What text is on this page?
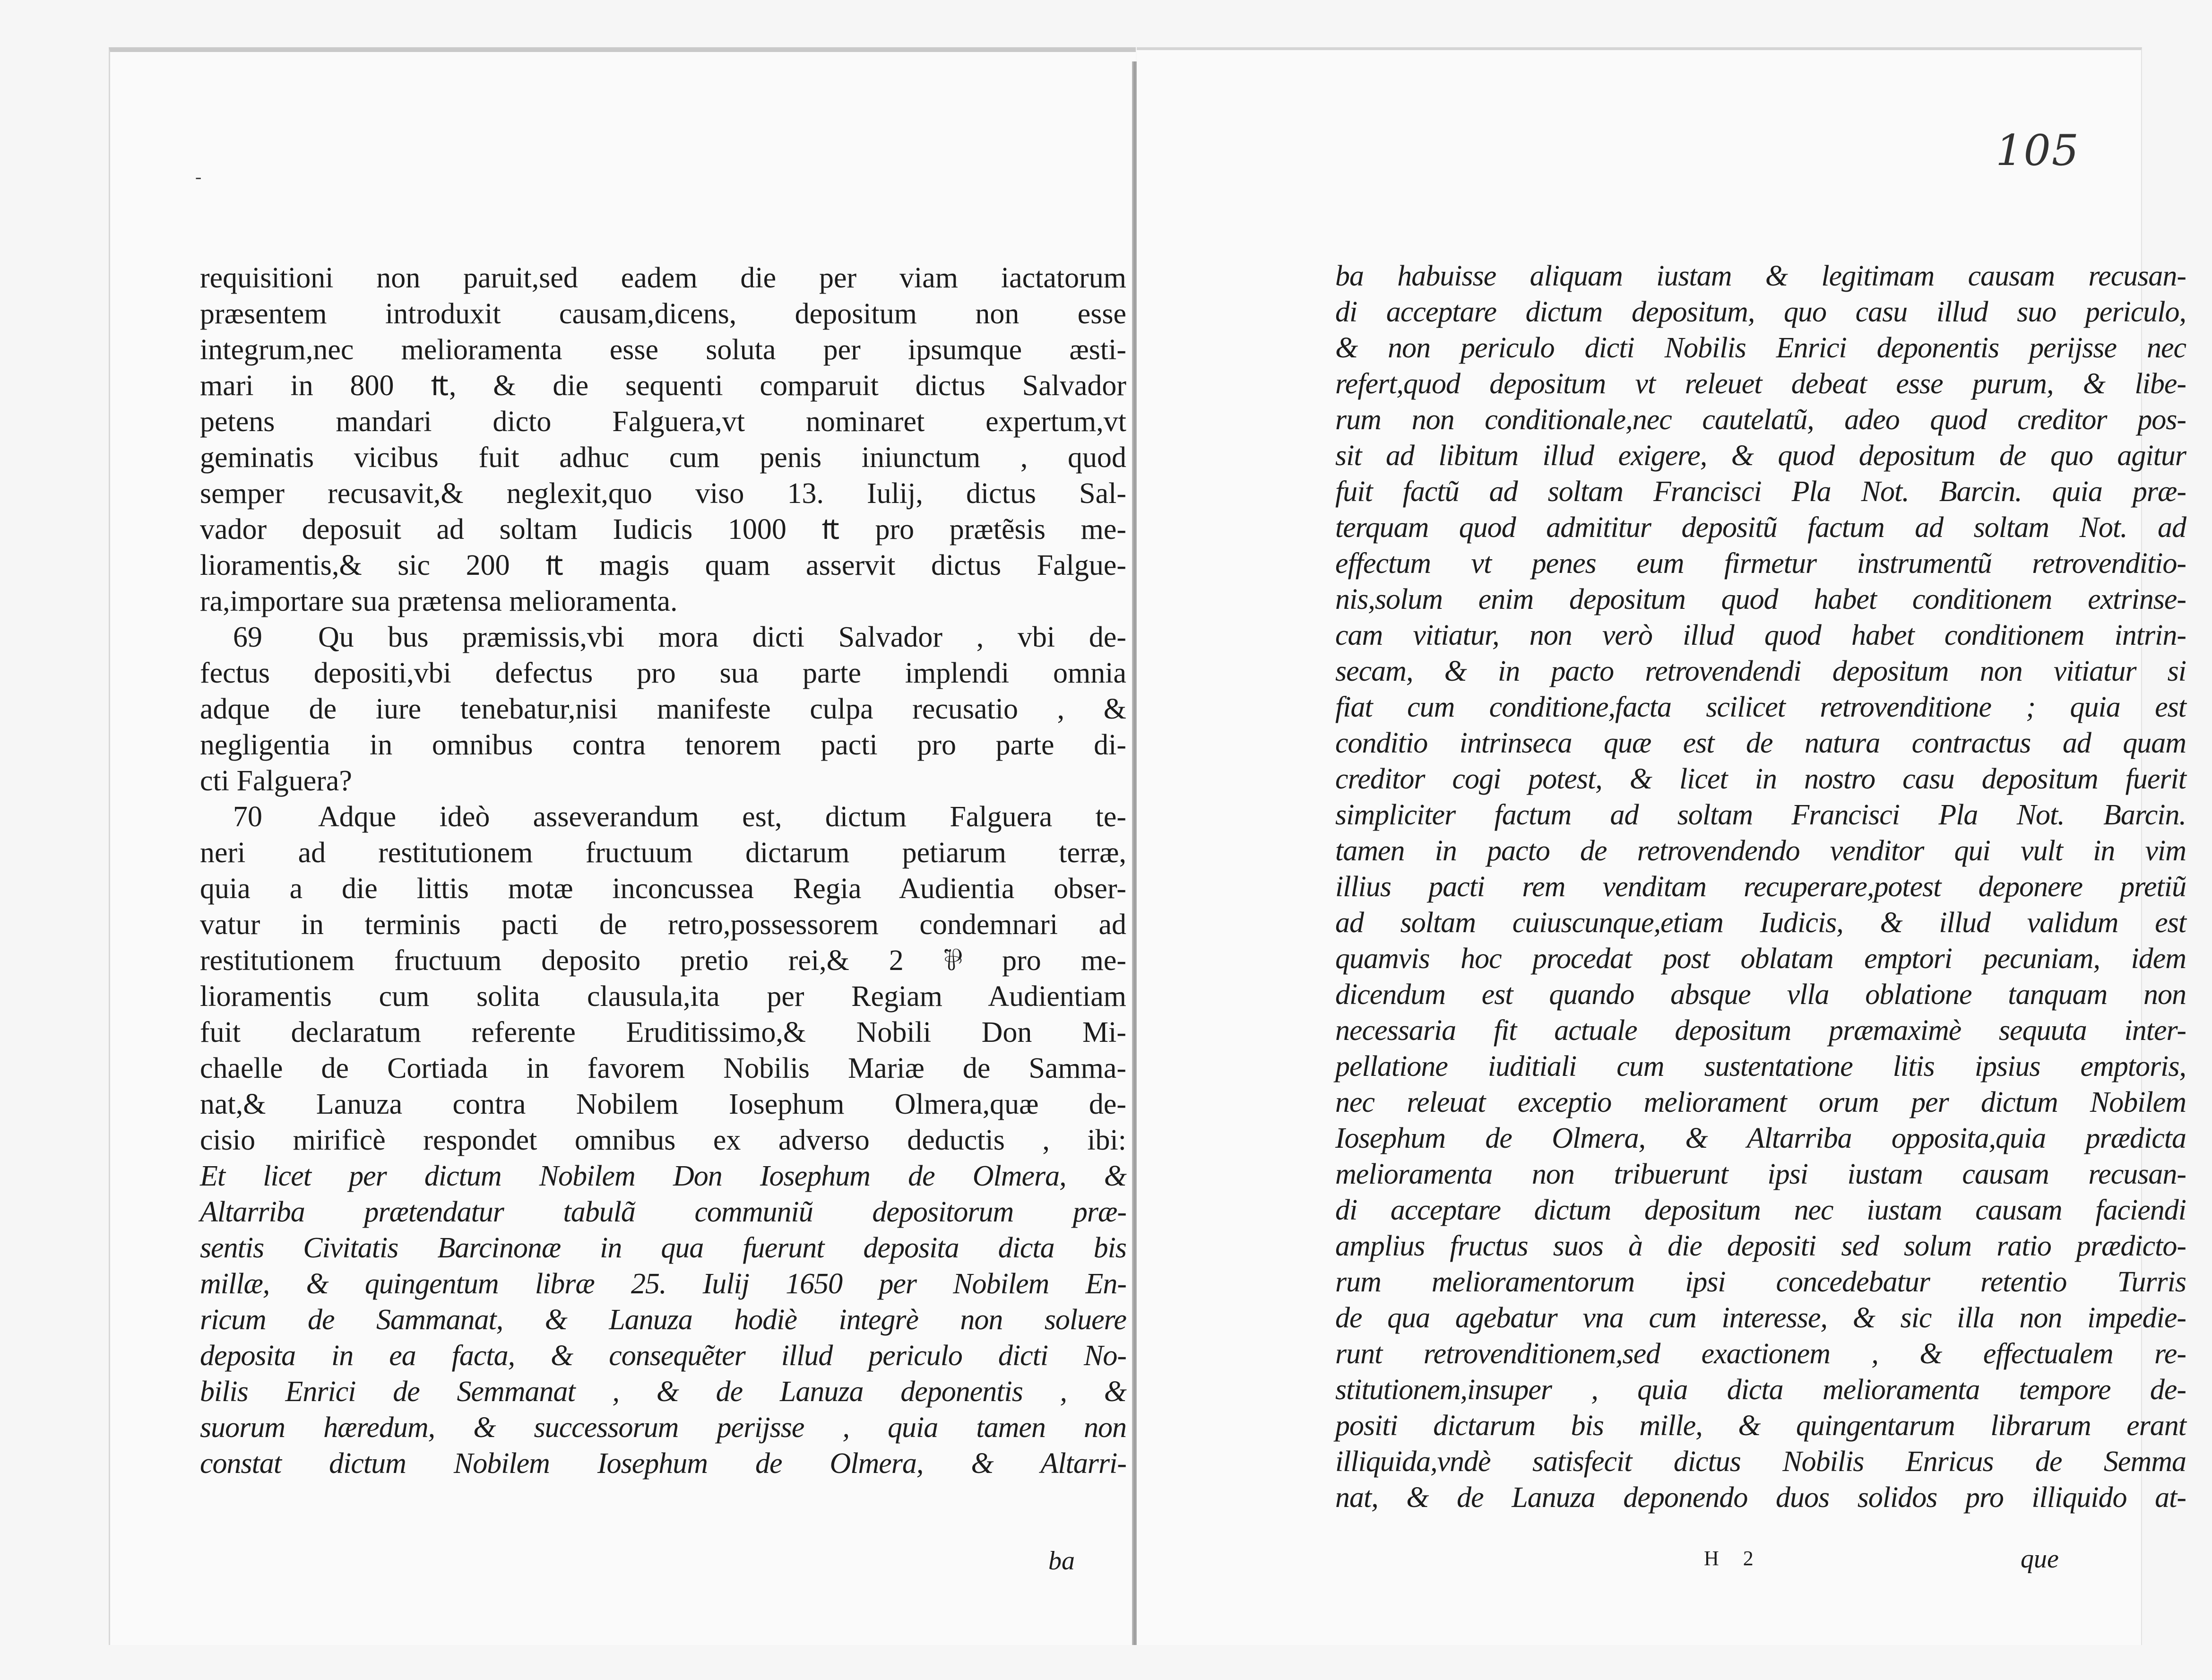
-
requisitioni non paruit,sed eadem die per viam iactatorum
præsentem introduxit causam,dicens, depositum non esse
integrum,nec melioramenta esse soluta per ipsumque æsti-
mari in 800 ₶, & die sequenti comparuit dictus Salvador
petens mandari dicto Falguera,vt nominaret expertum,vt
geminatis vicibus fuit adhuc cum penis iniunctum , quod
semper recusavit,& neglexit,quo viso 13. Iulij, dictus Sal-
vador deposuit ad soltam Iudicis 1000 ₶ pro prætẽsis me-
lioramentis,& sic 200 ₶ magis quam asservit dictus Falgue-
ra,importare sua prætensa melioramenta.
69	Qu bus præmissis,vbi mora dicti Salvador , vbi de-
fectus depositi,vbi defectus pro sua parte implendi omnia
adque de iure tenebatur,nisi manifeste culpa recusatio , &
negligentia in omnibus contra tenorem pacti pro parte di-
cti Falguera?
70	Adque ideò asseverandum est, dictum Falguera te-
neri ad restitutionem fructuum dictarum petiarum terræ,
quia a die littis motæ inconcussea Regia Audientia obser-
vatur in terminis pacti de retro,possessorem condemnari ad
restitutionem fructuum deposito pretio rei,& 2 ⅌ pro me-
lioramentis cum solita clausula,ita per Regiam Audientiam
fuit declaratum referente Eruditissimo,& Nobili Don Mi-
chaelle de Cortiada in favorem Nobilis Mariæ de Samma-
nat,& Lanuza contra Nobilem Iosephum Olmera,quæ de-
cisio mirificè respondet omnibus ex adverso deductis , ibi:
Et licet per dictum Nobilem Don Iosephum de Olmera, &
Altarriba prætendatur tabulã communiũ depositorum præ-
sentis Civitatis Barcinonæ in qua fuerunt deposita dicta bis
millæ, & quingentum libræ 25. Iulij 1650 per Nobilem En-
ricum de Sammanat, & Lanuza hodiè integrè non soluere
deposita in ea facta, & consequẽter illud periculo dicti No-
bilis Enrici de Semmanat , & de Lanuza deponentis , &
suorum hæredum, & successorum perijsse , quia tamen non
constat dictum Nobilem Iosephum de Olmera, & Altarri-
ba
105
ba habuisse aliquam iustam & legitimam causam recusan-
di acceptare dictum depositum, quo casu illud suo periculo,
& non periculo dicti Nobilis Enrici deponentis perijsse nec
refert,quod depositum vt releuet debeat esse purum, & libe-
rum non conditionale,nec cautelatũ, adeo quod creditor pos-
sit ad libitum illud exigere, & quod depositum de quo agitur
fuit factũ ad soltam Francisci Pla Not. Barcin. quia præ-
terquam quod admititur depositũ factum ad soltam Not. ad
effectum vt penes eum firmetur instrumentũ retrovenditio-
nis,solum enim depositum quod habet conditionem extrinse-
cam vitiatur, non verò illud quod habet conditionem intrin-
secam, & in pacto retrovendendi depositum non vitiatur si
fiat cum conditione,facta scilicet retrovenditione ; quia est
conditio intrinseca quæ est de natura contractus ad quam
creditor cogi potest, & licet in nostro casu depositum fuerit
simpliciter factum ad soltam Francisci Pla Not. Barcin.
tamen in pacto de retrovendendo venditor qui vult in vim
illius pacti rem venditam recuperare,potest deponere pretiũ
ad soltam cuiuscunque,etiam Iudicis, & illud validum est
quamvis hoc procedat post oblatam emptori pecuniam, idem
dicendum est quando absque vlla oblatione tanquam non
necessaria fit actuale depositum præmaximè sequuta inter-
pellatione iuditiali cum sustentatione litis ipsius emptoris,
nec releuat exceptio meliorament orum per dictum Nobilem
Iosephum de Olmera, & Altarriba opposita,quia prædicta
melioramenta non tribuerunt ipsi iustam causam recusan-
di acceptare dictum depositum nec iustam causam faciendi
amplius fructus suos à die depositi sed solum ratio prædicto-
rum melioramentorum ipsi concedebatur retentio Turris
de qua agebatur vna cum interesse, & sic illa non impedie-
runt retrovenditionem,sed exactionem , & effectualem re-
stitutionem,insuper , quia dicta melioramenta tempore de-
positi dictarum bis mille, & quingentarum librarum erant
illiquida,vndè satisfecit dictus Nobilis Enricus de Semma
nat, & de Lanuza deponendo duos solidos pro illiquido at-
H 2	que
